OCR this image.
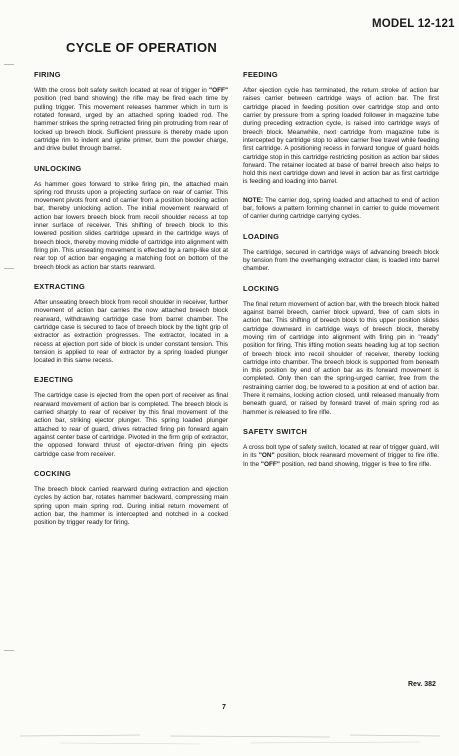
MODEL 12-121
CYCLE OF OPERATION
FIRING

With the cross bolt safety switch located at rear of trigger in "OFF" position (red band showing) the rifle may be fired each time by pulling trigger. This movement releases hammer which in turn is rotated forward, urged by an attached spring loaded rod. The hammer strikes the spring retracted firing pin protruding from rear of locked up breech block. Sufficient pressure is thereby made upon cartridge rim to indent and ignite primer, burn the powder charge, and drive bullet through barrel.

UNLOCKING

As hammer goes forward to strike firing pin, the attached main spring rod thrusts upon a projecting surface on rear of carrier. This movement pivots front end of carrier from a position blocking action bar, thereby unlocking action. The initial movement rearward of action bar lowers breech block from recoil shoulder recess at top inner surface of receiver. This shifting of breech block to this lowered position slides cartridge upward in the cartridge ways of breech block, thereby moving middle of cartridge into alignment with firing pin. This unseating movement is effected by a ramp-like slot at rear top of action bar engaging a matching foot on bottom of the breech block as action bar starts rearward.

EXTRACTING

After unseating breech block from recoil shoulder in receiver, further movement of action bar carries the now attached breech block rearward, withdrawing cartridge case from barrel chamber. The cartridge case is secured to face of breech block by the tight grip of extractor as extraction progresses. The extractor, located in a recess at ejection port side of block is under constant tension. This tension is applied to rear of extractor by a spring loaded plunger located in this same recess.

EJECTING

The cartridge case is ejected from the open port of receiver as final rearward movement of action bar is completed. The breech block is carried sharply to rear of receiver by this final movement of the action bar, striking ejector plunger. This spring loaded plunger attached to rear of guard, drives retracted firing pin forward again against center base of cartridge. Pivoted in the firm grip of extractor, the opposed forward thrust of ejector-driven firing pin ejects cartridge case from receiver.

COCKING

The breech block carried rearward during extraction and ejection cycles by action bar, rotates hammer backward, compressing main spring upon main spring rod. During initial return movement of action bar, the hammer is intercepted and notched in a cocked position by trigger ready for firing.

FEEDING

After ejection cycle has terminated, the return stroke of action bar raises carrier between cartridge ways of action bar. The first cartridge placed in feeding position over cartridge stop and onto carrier by pressure from a spring loaded follower in magazine tube during preceding extraction cycle, is raised into cartridge ways of breech block. Meanwhile, next cartridge from magazine tube is intercepted by cartridge stop to allow carrier free travel while feeding first cartridge. A positioning recess in forward tongue of guard holds cartridge stop in this cartridge restricting position as action bar slides forward. The retainer located at base of barrel breech also helps to hold this next cartridge down and level in action bar as first cartridge is feeding and loading into barrel.

NOTE: The carrier dog, spring loaded and attached to end of action bar, follows a pattern forming channel in carrier to guide movement of carrier during cartridge carrying cycles.

LOADING

The cartridge, secured in cartridge ways of advancing breech block by tension from the overhanging extractor claw, is loaded into barrel chamber.

LOCKING

The final return movement of action bar, with the breech block halted against barrel breech, carrier block upward, free of cam slots in action bar. This shifting of breech block to this upper position slides cartridge downward in cartridge ways of breech block, thereby moving rim of cartridge into alignment with firing pin in "ready" position for firing. This lifting motion seats heading lug at top section of breech block into recoil shoulder of receiver, thereby locking cartridge into chamber. The breech block is supported from beneath in this position by end of action bar as its forward movement is completed. Only then can the spring-urged carrier, free from the restraining carrier dog, be lowered to a position at end of action bar. There it remains, locking action closed, until released manually from beneath guard, or raised by forward travel of main spring rod as hammer is released to fire rifle.

SAFETY SWITCH

A cross bolt type of safety switch, located at rear of trigger guard, will in its "ON" position, block rearward movement of trigger to fire rifle. In the "OFF" position, red band showing, trigger is free to fire rifle.

Rev. 382
7
